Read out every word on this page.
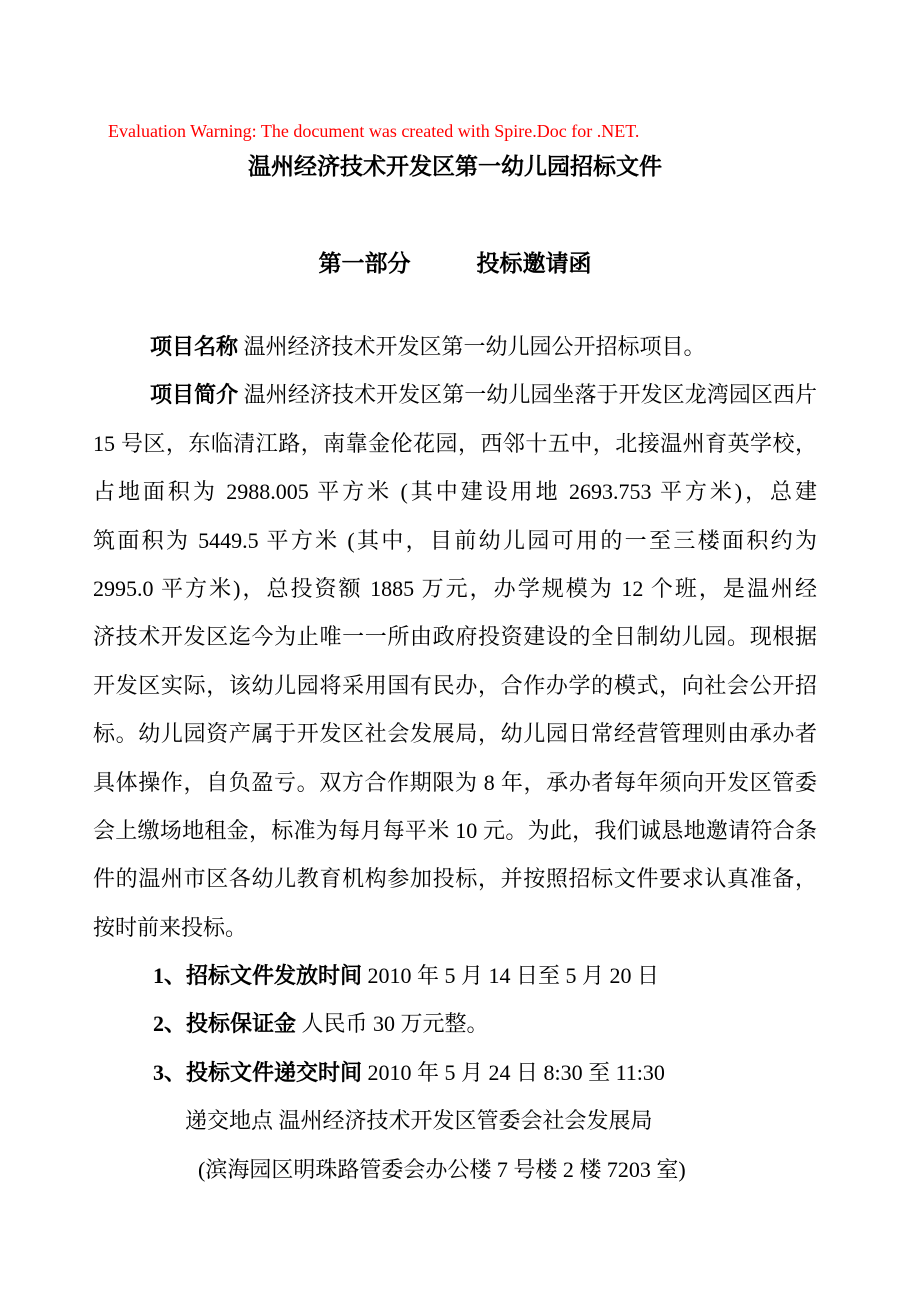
Evaluation Warning: The document was created with Spire.Doc for .NET.
温州经济技术开发区第一幼儿园招标文件
第一部分	投标邀请函
项目名称 温州经济技术开发区第一幼儿园公开招标项目。
项目简介 温州经济技术开发区第一幼儿园坐落于开发区龙湾园区西片
15 号区，东临清江路，南靠金伦花园，西邻十五中，北接温州育英学校，
占地面积为 2988.005 平方米 (其中建设用地 2693.753 平方米)，总建
筑面积为 5449.5 平方米 (其中，目前幼儿园可用的一至三楼面积约为
2995.0 平方米)，总投资额 1885 万元，办学规模为 12 个班，是温州经
济技术开发区迄今为止唯一一所由政府投资建设的全日制幼儿园。现根据
开发区实际，该幼儿园将采用国有民办，合作办学的模式，向社会公开招
标。幼儿园资产属于开发区社会发展局，幼儿园日常经营管理则由承办者
具体操作，自负盈亏。双方合作期限为 8 年，承办者每年须向开发区管委
会上缴场地租金，标准为每月每平米 10 元。为此，我们诚恳地邀请符合条
件的温州市区各幼儿教育机构参加投标，并按照招标文件要求认真准备，
按时前来投标。
1、招标文件发放时间 2010 年 5 月 14 日至 5 月 20 日
2、投标保证金 人民币 30 万元整。
3、投标文件递交时间 2010 年 5 月 24 日 8:30 至 11:30
递交地点 温州经济技术开发区管委会社会发展局
(滨海园区明珠路管委会办公楼 7 号楼 2 楼 7203 室)
